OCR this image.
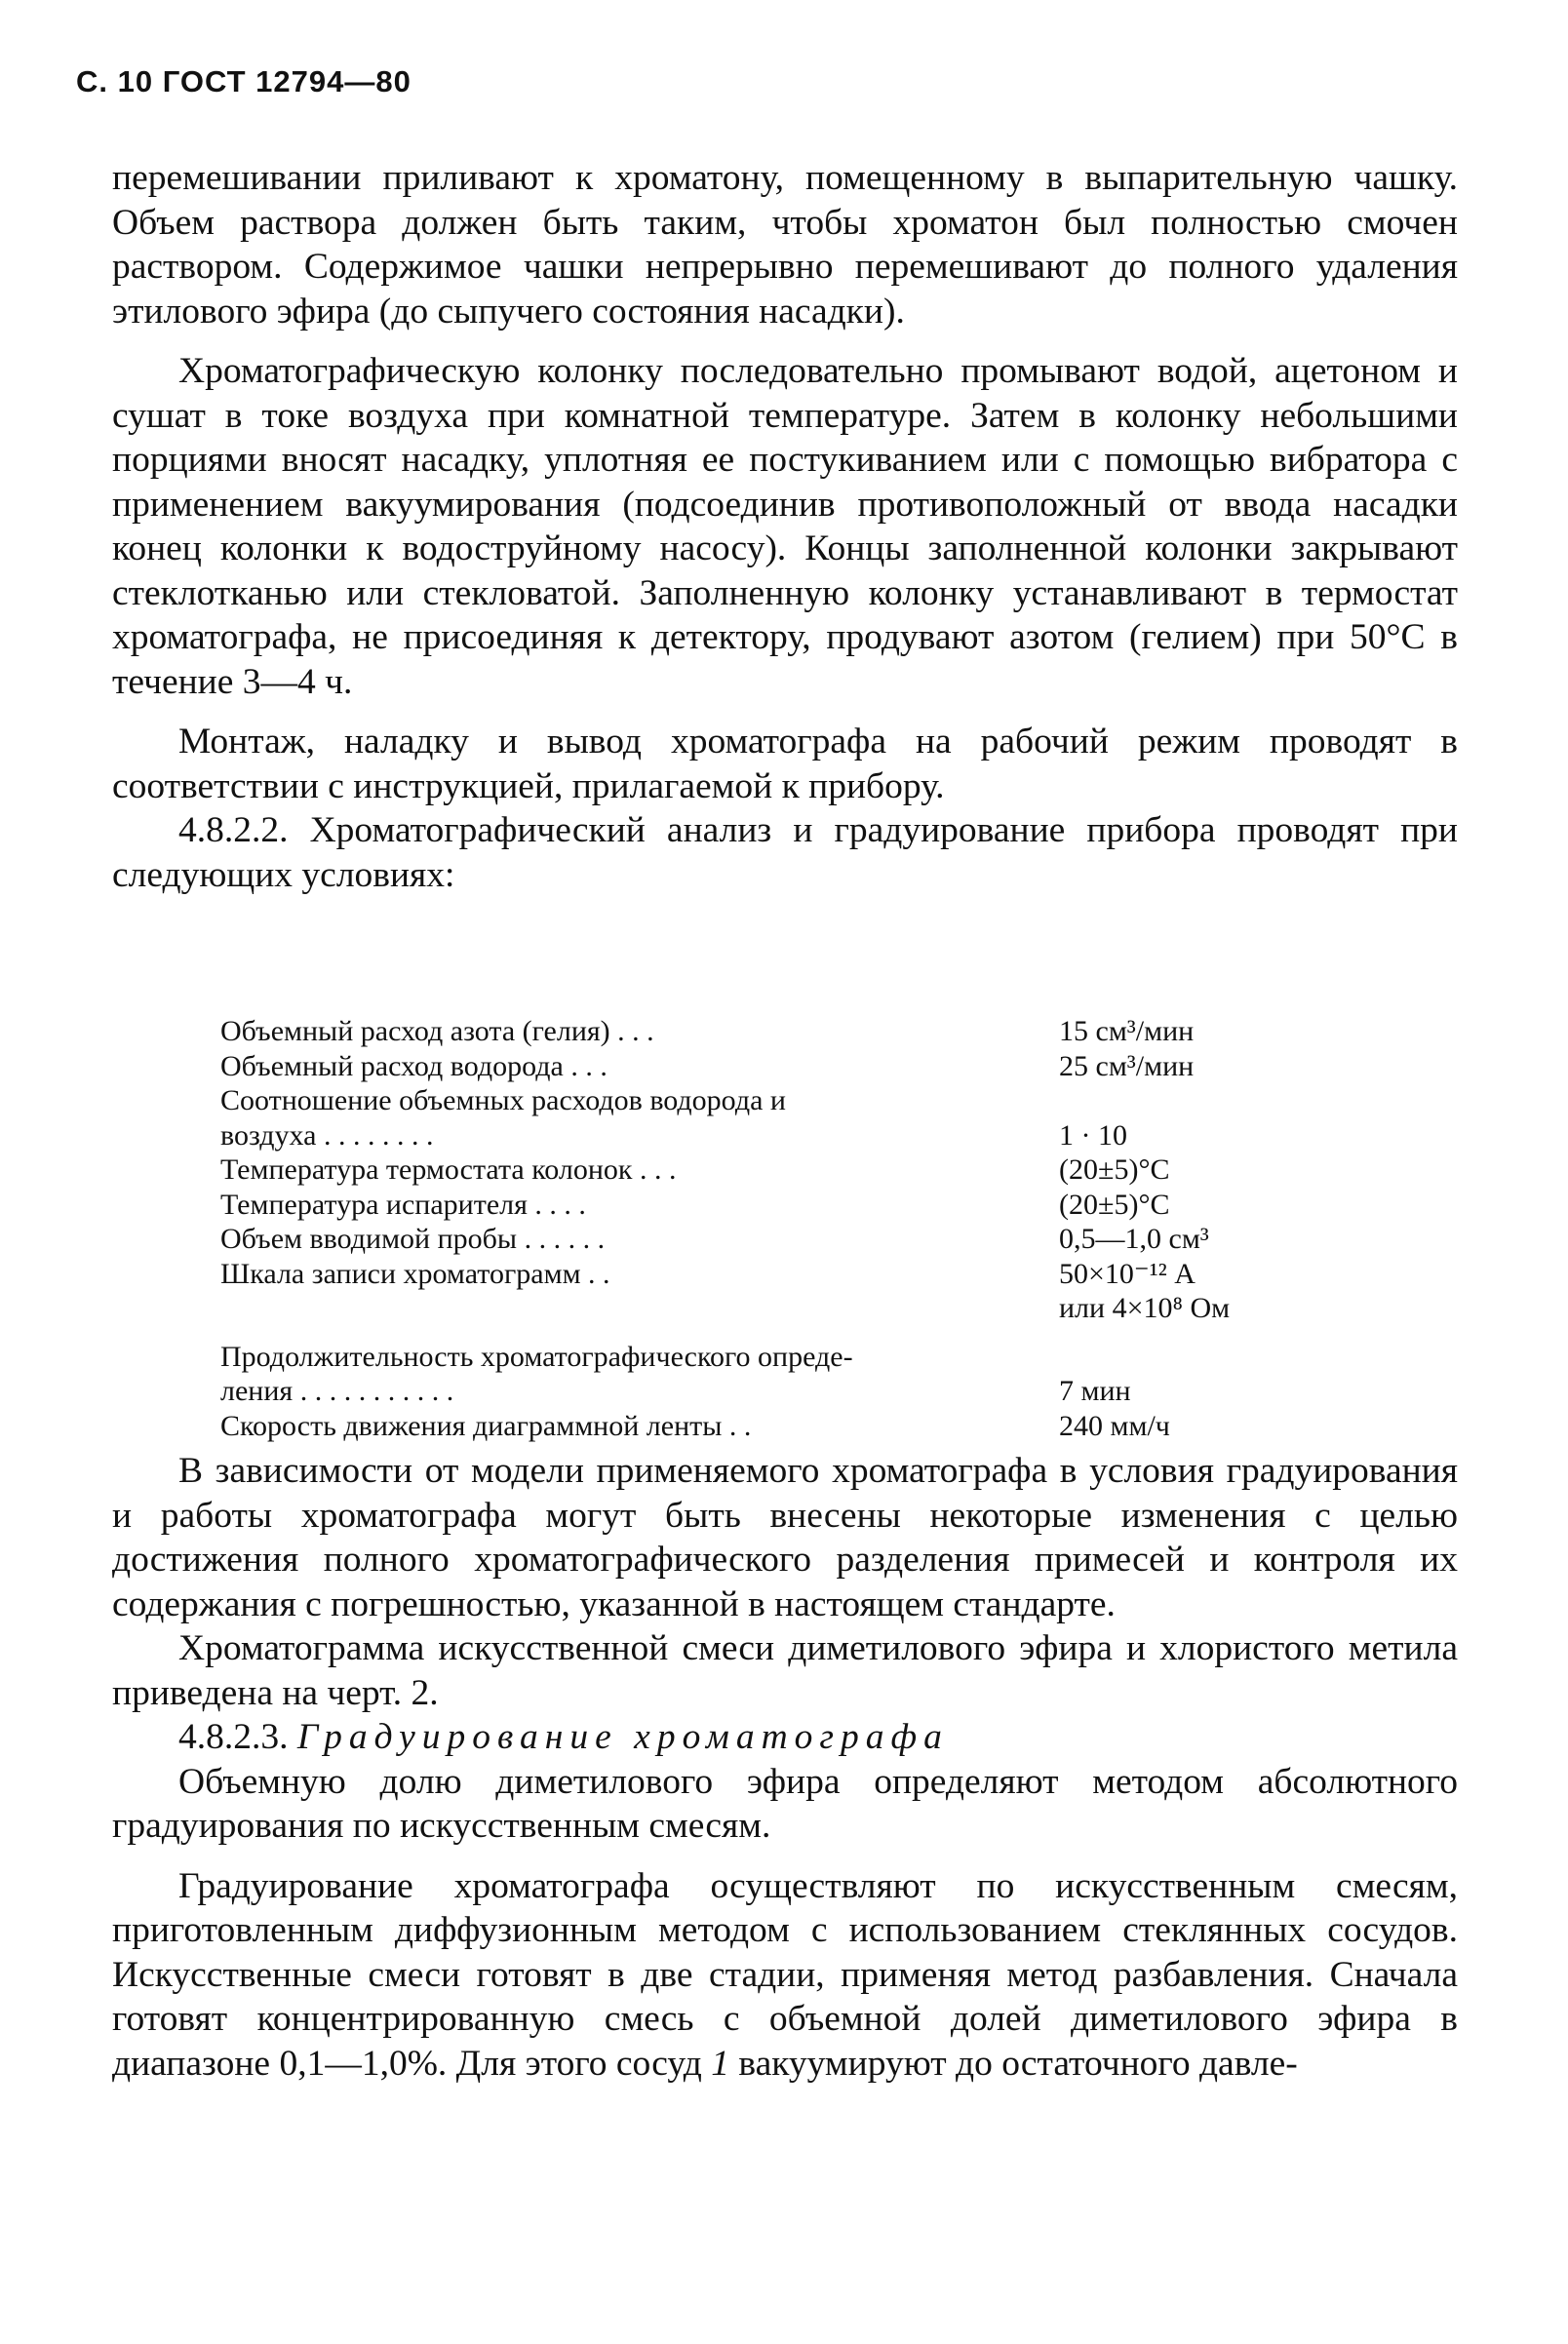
С. 10 ГОСТ 12794—80

перемешивании приливают к хроматону, помещенному в выпарительную чашку. Объем раствора должен быть таким, чтобы хроматон был полностью смочен раствором. Содержимое чашки непрерывно перемешивают до полного удаления этилового эфира (до сыпучего состояния насадки).

Хроматографическую колонку последовательно промывают водой, ацетоном и сушат в токе воздуха при комнатной температуре. Затем в колонку небольшими порциями вносят насадку, уплотняя ее постукиванием или с помощью вибратора с применением вакуумирования (подсоединив противоположный от ввода насадки конец колонки к водоструйному насосу). Концы заполненной колонки закрывают стеклотканью или стекловатой. Заполненную колонку устанавливают в термостат хроматографа, не присоединяя к детектору, продувают азотом (гелием) при 50°С в течение 3—4 ч.

Монтаж, наладку и вывод хроматографа на рабочий режим проводят в соответствии с инструкцией, прилагаемой к прибору.

4.8.2.2. Хроматографический анализ и градуирование прибора проводят при следующих условиях:

Объемный расход азота (гелия) . . .	15 см³/мин
Объемный расход водорода . . .	25 см³/мин
Соотношение объемных расходов водорода и
воздуха . . . . . . . .	1 · 10
Температура термостата колонок . . .	(20±5)°С
Температура испарителя . . . .	(20±5)°С
Объем вводимой пробы . . . . . .	0,5—1,0 см³
Шкала записи хроматограмм . .	50×10⁻¹² А
или 4×10⁸ Ом
Продолжительность хроматографического опреде-
ления . . . . . . . . . . .	7 мин
Скорость движения диаграммной ленты . .	240 мм/ч

В зависимости от модели применяемого хроматографа в условия градуирования и работы хроматографа могут быть внесены некоторые изменения с целью достижения полного хроматографического разделения примесей и контроля их содержания с погрешностью, указанной в настоящем стандарте.

Хроматограмма искусственной смеси диметилового эфира и хлористого метила приведена на черт. 2.

4.8.2.3. Градуирование хроматографа

Объемную долю диметилового эфира определяют методом абсолютного градуирования по искусственным смесям.

Градуирование хроматографа осуществляют по искусственным смесям, приготовленным диффузионным методом с использованием стеклянных сосудов. Искусственные смеси готовят в две стадии, применяя метод разбавления. Сначала готовят концентрированную смесь с объемной долей диметилового эфира в диапазоне 0,1—1,0%. Для этого сосуд 1 вакуумируют до остаточного давле-
